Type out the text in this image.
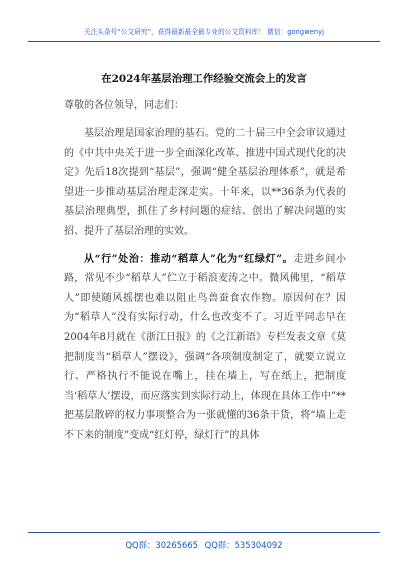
关注头条号“公文研究”，获得最新最全最专业的公文资料库！ 微信：gongwenyj
在2024年基层治理工作经验交流会上的发言
尊敬的各位领导，同志们：

基层治理是国家治理的基石。党的二十届三中全会审议通过的《中共中央关于进一步全面深化改革、推进中国式现代化的决定》先后18次提到“基层”，强调“健全基层治理体系”，就是希望进一步推动基层治理走深走实。十年来，以**36条为代表的基层治理典型，抓住了乡村问题的症结、创出了解决问题的实招、提升了基层治理的实效。

从“行”处治：推动“稻草人”化为“红绿灯”。走进乡间小路，常见不少“稻草人”伫立于稻浪麦涛之中。微风佛里，“稻草人”即使随风摇摆也难以阻止鸟兽蚕食农作物。原因何在？因为“稻草人”没有实际行动，什么也改变不了。习近平同志早在2004年8月就在《浙江日报》的《之江新语》专栏发表文章《莫把制度当“稻草人”摆设》，强调“各项制度制定了，就要立说立行、严格执行不能说在嘴上，挂在墙上，写在纸上，把制度当‘稻草人’摆设，而应落实到实际行动上，体现在具体工作中”**把基层散碎的权力事项整合为一张就懂的36条干货，将“墙上走不下来的制度”变成“红灯停，绿灯行”的具体

QQ群：30265665 QQ群：535304092
